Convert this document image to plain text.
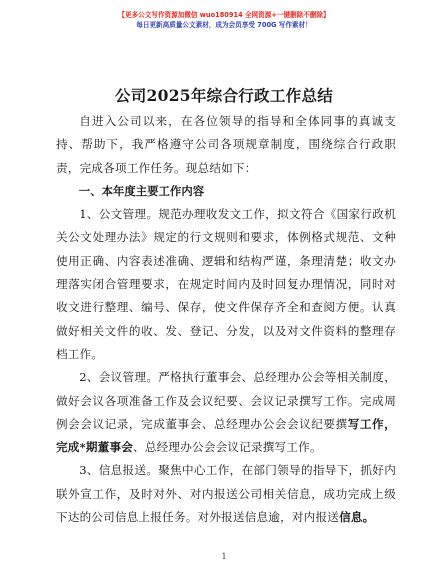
【更多公文写作资源加微信 wuo180914 全网资源+一键删除不删除】
每日更新高质量公文素材，成为会员享受 700G 写作素材！
公司2025年综合行政工作总结

自进入公司以来，在各位领导的指导和全体同事的真诚支持、帮助下，我严格遵守公司各项规章制度，围绕综合行政职责，完成各项工作任务。现总结如下：

一、本年度主要工作内容

1、公文管理。规范办理收发文工作，拟文符合《国家行政机关公文处理办法》规定的行文规则和要求，体例格式规范、文种使用正确、内容表述准确、逻辑和结构严谨，条理清楚；收文办理落实闭合管理要求，在规定时间内及时回复办理情况，同时对收文进行整理、编号、保存，使文件保存齐全和查阅方便。认真做好相关文件的收、发、登记、分发，以及对文件资料的整理存档工作。

2、会议管理。严格执行董事会、总经理办公会等相关制度，做好会议各项准备工作及会议纪要、会议记录撰写工作。完成周例会会议记录，完成董事会、总经理办公会会议纪要撰写工作，完成*期董事会、总经理办公会会议记录撰写工作。

3、信息报送。聚焦中心工作，在部门领导的指导下，抓好内联外宣工作，及时对外、对内报送公司相关信息，成功完成上级下达的公司信息上报任务。对外报送信息逾，对内报送信息。

1
